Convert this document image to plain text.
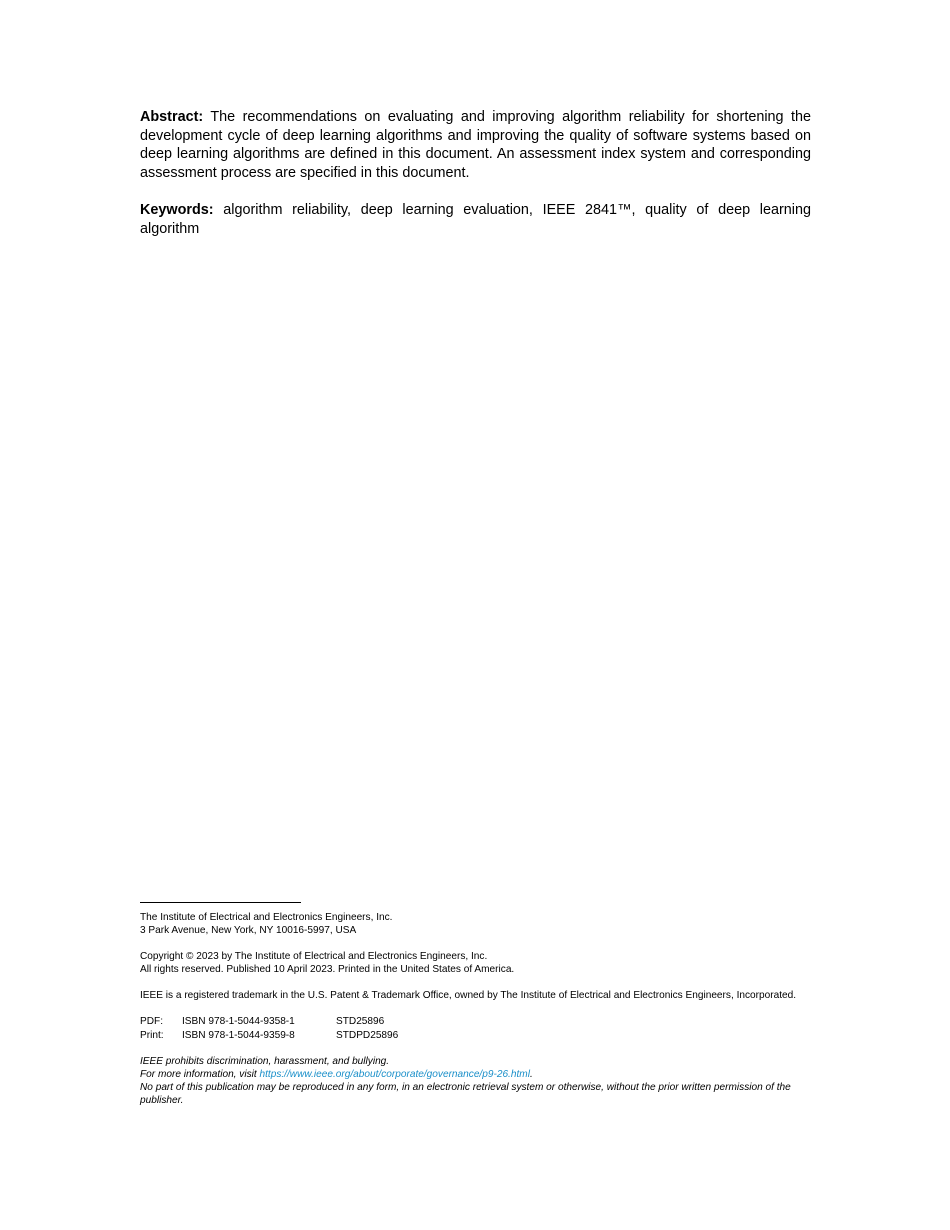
Abstract: The recommendations on evaluating and improving algorithm reliability for shortening the development cycle of deep learning algorithms and improving the quality of software systems based on deep learning algorithms are defined in this document. An assessment index system and corresponding assessment process are specified in this document.

Keywords: algorithm reliability, deep learning evaluation, IEEE 2841™, quality of deep learning algorithm

The Institute of Electrical and Electronics Engineers, Inc.
3 Park Avenue, New York, NY 10016-5997, USA

Copyright © 2023 by The Institute of Electrical and Electronics Engineers, Inc.
All rights reserved. Published 10 April 2023. Printed in the United States of America.

IEEE is a registered trademark in the U.S. Patent & Trademark Office, owned by The Institute of Electrical and Electronics Engineers, Incorporated.

PDF:	ISBN 978-1-5044-9358-1	STD25896
Print:	ISBN 978-1-5044-9359-8	STDPD25896

IEEE prohibits discrimination, harassment, and bullying.
For more information, visit https://www.ieee.org/about/corporate/governance/p9-26.html.
No part of this publication may be reproduced in any form, in an electronic retrieval system or otherwise, without the prior written permission of the publisher.
